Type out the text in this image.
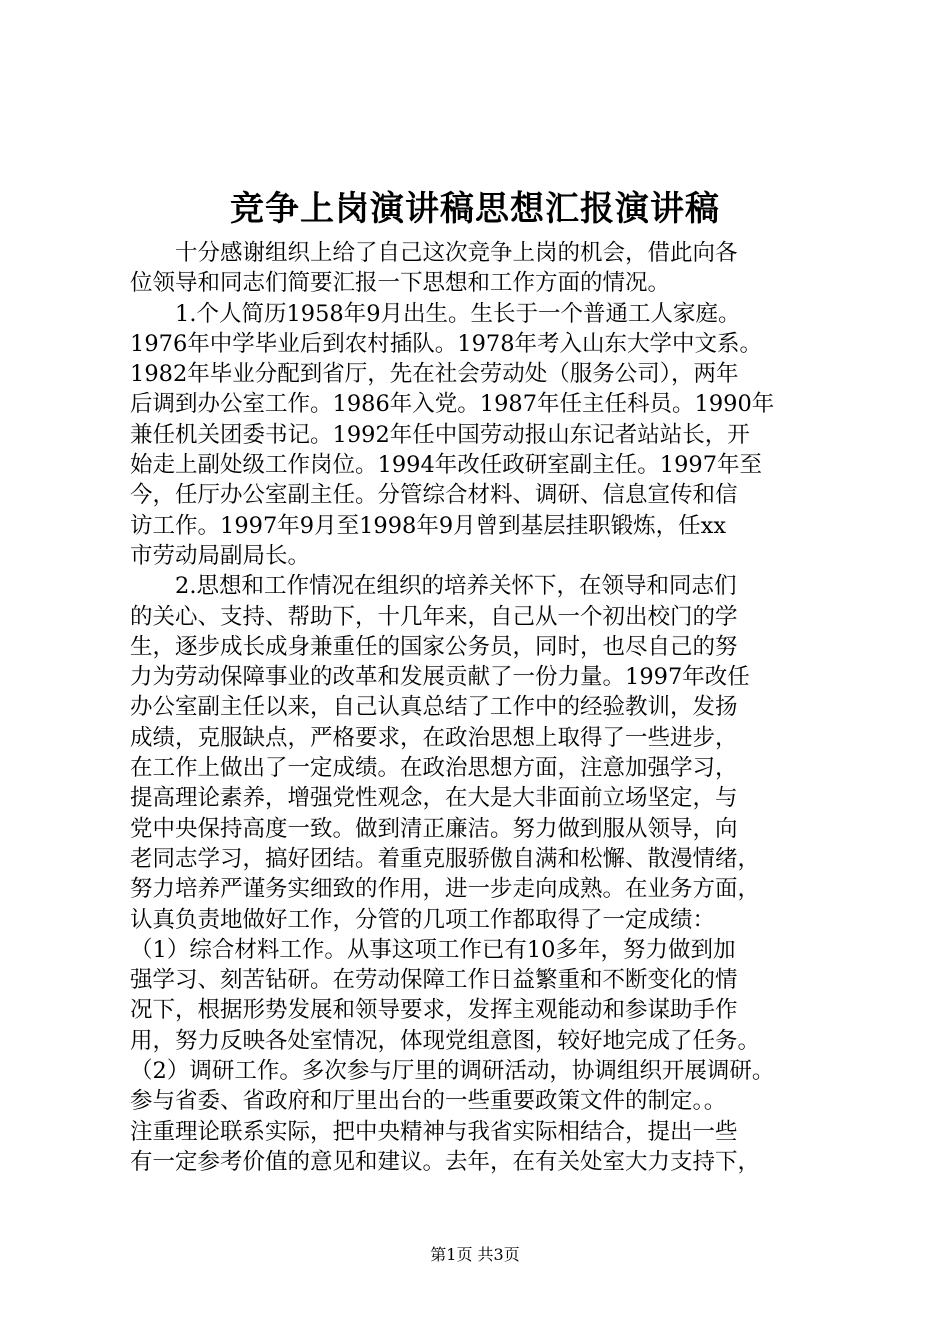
竞争上岗演讲稿思想汇报演讲稿
十分感谢组织上给了自己这次竞争上岗的机会，借此向各
位领导和同志们简要汇报一下思想和工作方面的情况。
1.个人简历1958年9月出生。生长于一个普通工人家庭。
1976年中学毕业后到农村插队。1978年考入山东大学中文系。
1982年毕业分配到省厅，先在社会劳动处（服务公司），两年
后调到办公室工作。1986年入党。1987年任主任科员。1990年
兼任机关团委书记。1992年任中国劳动报山东记者站站长，开
始走上副处级工作岗位。1994年改任政研室副主任。1997年至
今，任厅办公室副主任。分管综合材料、调研、信息宣传和信
访工作。1997年9月至1998年9月曾到基层挂职锻炼，任xx
市劳动局副局长。
2.思想和工作情况在组织的培养关怀下，在领导和同志们
的关心、支持、帮助下，十几年来，自己从一个初出校门的学
生，逐步成长成身兼重任的国家公务员，同时，也尽自己的努
力为劳动保障事业的改革和发展贡献了一份力量。1997年改任
办公室副主任以来，自己认真总结了工作中的经验教训，发扬
成绩，克服缺点，严格要求，在政治思想上取得了一些进步，
在工作上做出了一定成绩。在政治思想方面，注意加强学习，
提高理论素养，增强党性观念，在大是大非面前立场坚定，与
党中央保持高度一致。做到清正廉洁。努力做到服从领导，向
老同志学习，搞好团结。着重克服骄傲自满和松懈、散漫情绪，
努力培养严谨务实细致的作用，进一步走向成熟。在业务方面，
认真负责地做好工作，分管的几项工作都取得了一定成绩：
（1）综合材料工作。从事这项工作已有10多年，努力做到加
强学习、刻苦钻研。在劳动保障工作日益繁重和不断变化的情
况下，根据形势发展和领导要求，发挥主观能动和参谋助手作
用，努力反映各处室情况，体现党组意图，较好地完成了任务。
（2）调研工作。多次参与厅里的调研活动，协调组织开展调研。
参与省委、省政府和厅里出台的一些重要政策文件的制定。。
注重理论联系实际，把中央精神与我省实际相结合，提出一些
有一定参考价值的意见和建议。去年，在有关处室大力支持下，
第1页 共3页
